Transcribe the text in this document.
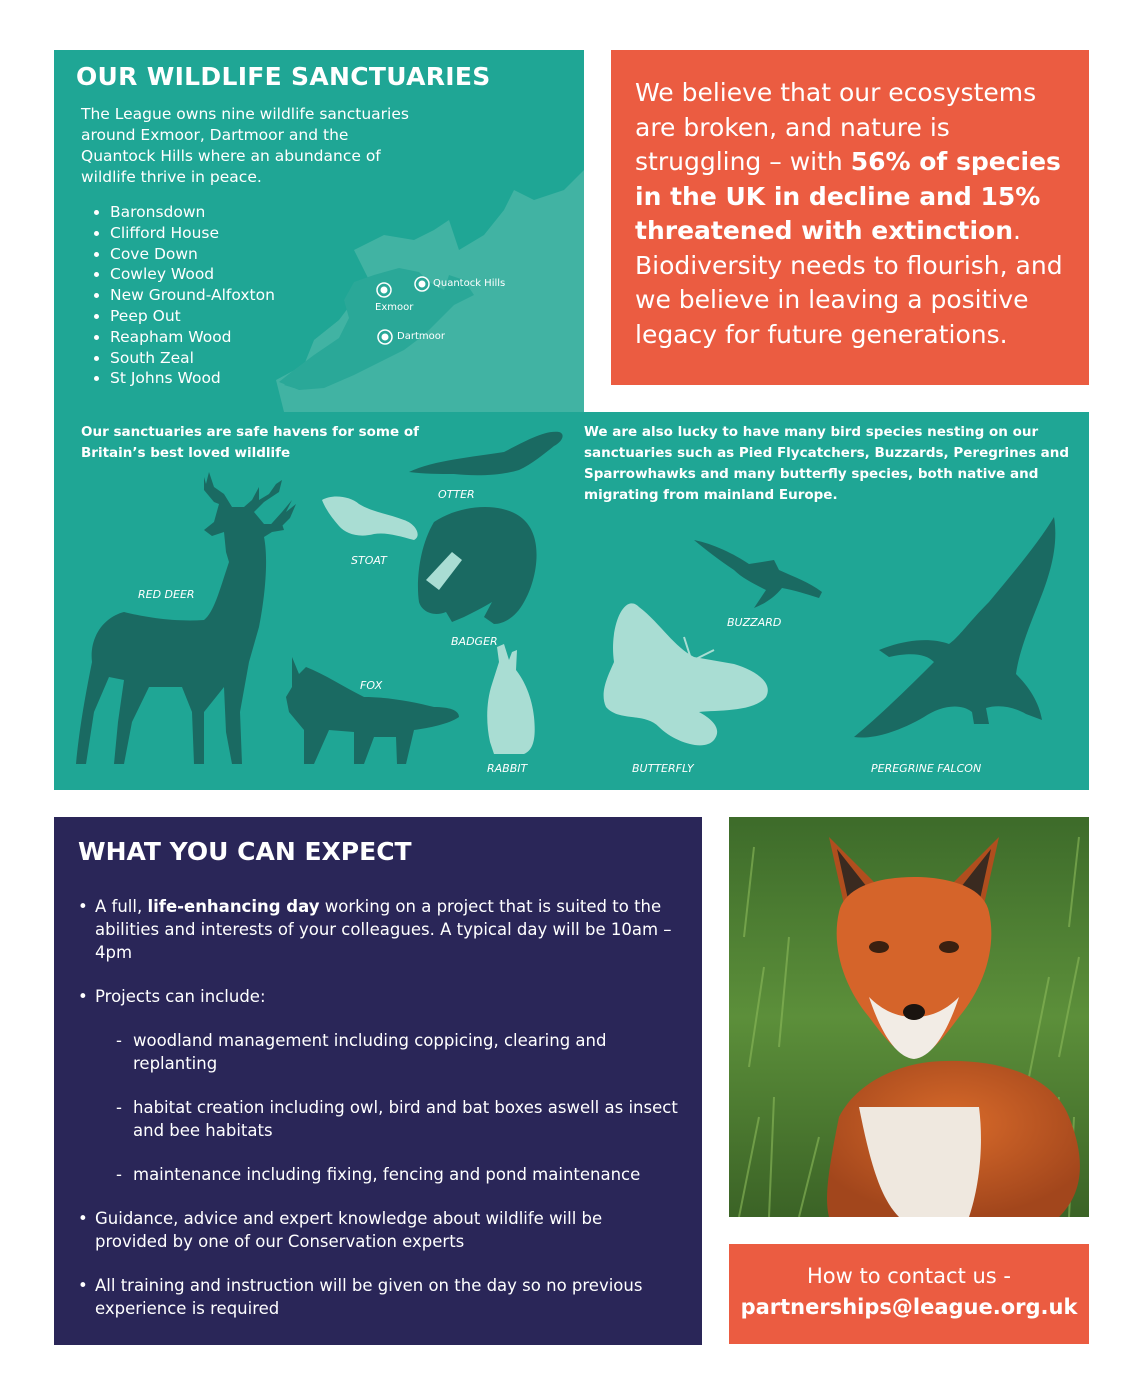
OUR WILDLIFE SANCTUARIES
The League owns nine wildlife sanctuaries around Exmoor, Dartmoor and the Quantock Hills where an abundance of wildlife thrive in peace.
• Baronsdown
• Clifford House
• Cove Down
• Cowley Wood
• New Ground-Alfoxton
• Peep Out
• Reapham Wood
• South Zeal
• St Johns Wood
Exmoor
Quantock Hills
Dartmoor
We believe that our ecosystems are broken, and nature is struggling – with 56% of species in the UK in decline and 15% threatened with extinction. Biodiversity needs to flourish, and we believe in leaving a positive legacy for future generations.
Our sanctuaries are safe havens for some of Britain’s best loved wildlife
We are also lucky to have many bird species nesting on our sanctuaries such as Pied Flycatchers, Buzzards, Peregrines and Sparrowhawks and many butterfly species, both native and migrating from mainland Europe.
OTTER
STOAT
RED DEER
BADGER
FOX
RABBIT	BUTTERFLY
BUZZARD
PEREGRINE FALCON
WHAT YOU CAN EXPECT
• A full, life-enhancing day working on a project that is suited to the abilities and interests of your colleagues. A typical day will be 10am – 4pm
• Projects can include:
- woodland management including coppicing, clearing and replanting
- habitat creation including owl, bird and bat boxes aswell as insect and bee habitats
- maintenance including fixing, fencing and pond maintenance
• Guidance, advice and expert knowledge about wildlife will be provided by one of our Conservation experts
• All training and instruction will be given on the day so no previous experience is required
How to contact us -
partnerships@league.org.uk
